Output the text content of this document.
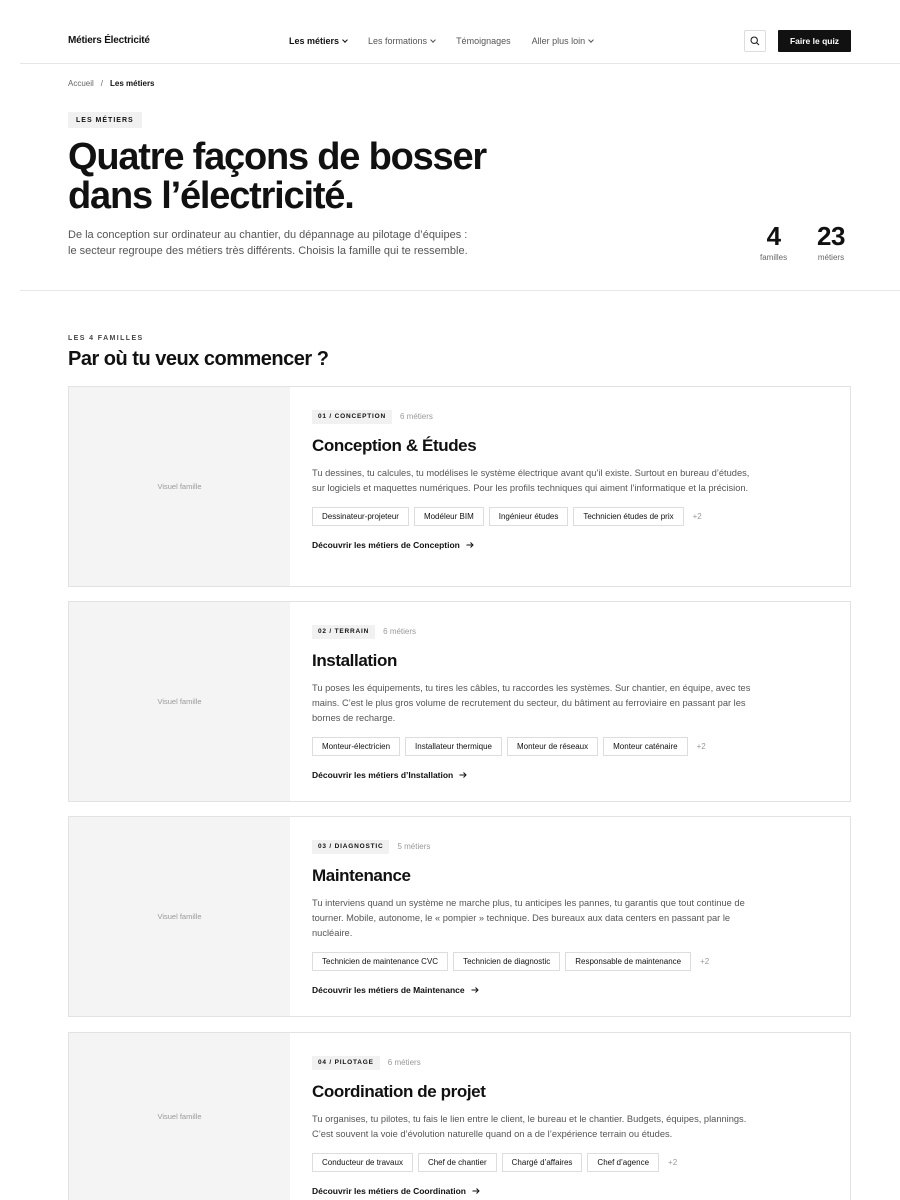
Métiers Électricité	Les métiers	Les formations	Témoignages Aller plus loin	Faire le quiz
Accueil / Les métiers
LES MÉTIERS
Quatre façons de bosser
dans l’électricité.
De la conception sur ordinateur au chantier, du dépannage au pilotage d’équipes :
le secteur regroupe des métiers très différents. Choisis la famille qui te ressemble.	4
familles
23
métiers
LES 4 FAMILLES
Par où tu veux commencer ?
Visuel famille
01 / CONCEPTION	6 métiers
Conception & Études
Tu dessines, tu calcules, tu modélises le système électrique avant qu’il existe. Surtout en bureau d’études, sur logiciels et maquettes numériques. Pour les profils techniques qui aiment l’informatique et la précision.
Dessinateur-projeteur	Modéleur BIM	Ingénieur études	Technicien études de prix	+2
Découvrir les métiers de Conception
Visuel famille
02 / TERRAIN	6 métiers
Installation
Tu poses les équipements, tu tires les câbles, tu raccordes les systèmes. Sur chantier, en équipe, avec tes mains. C’est le plus gros volume de recrutement du secteur, du bâtiment au ferroviaire en passant par les bornes de recharge.
Monteur-électricien	Installateur thermique	Monteur de réseaux	Monteur caténaire	+2
Découvrir les métiers d’Installation
Visuel famille
03 / DIAGNOSTIC	5 métiers
Maintenance
Tu interviens quand un système ne marche plus, tu anticipes les pannes, tu garantis que tout continue de tourner. Mobile, autonome, le « pompier » technique. Des bureaux aux data centers en passant par le nucléaire.
Technicien de maintenance CVC	Technicien de diagnostic	Responsable de maintenance	+2
Découvrir les métiers de Maintenance
Visuel famille
04 / PILOTAGE	6 métiers
Coordination de projet
Tu organises, tu pilotes, tu fais le lien entre le client, le bureau et le chantier. Budgets, équipes, plannings. C’est souvent la voie d’évolution naturelle quand on a de l’expérience terrain ou études.
Conducteur de travaux	Chef de chantier	Chargé d’affaires	Chef d’agence	+2
Découvrir les métiers de Coordination
